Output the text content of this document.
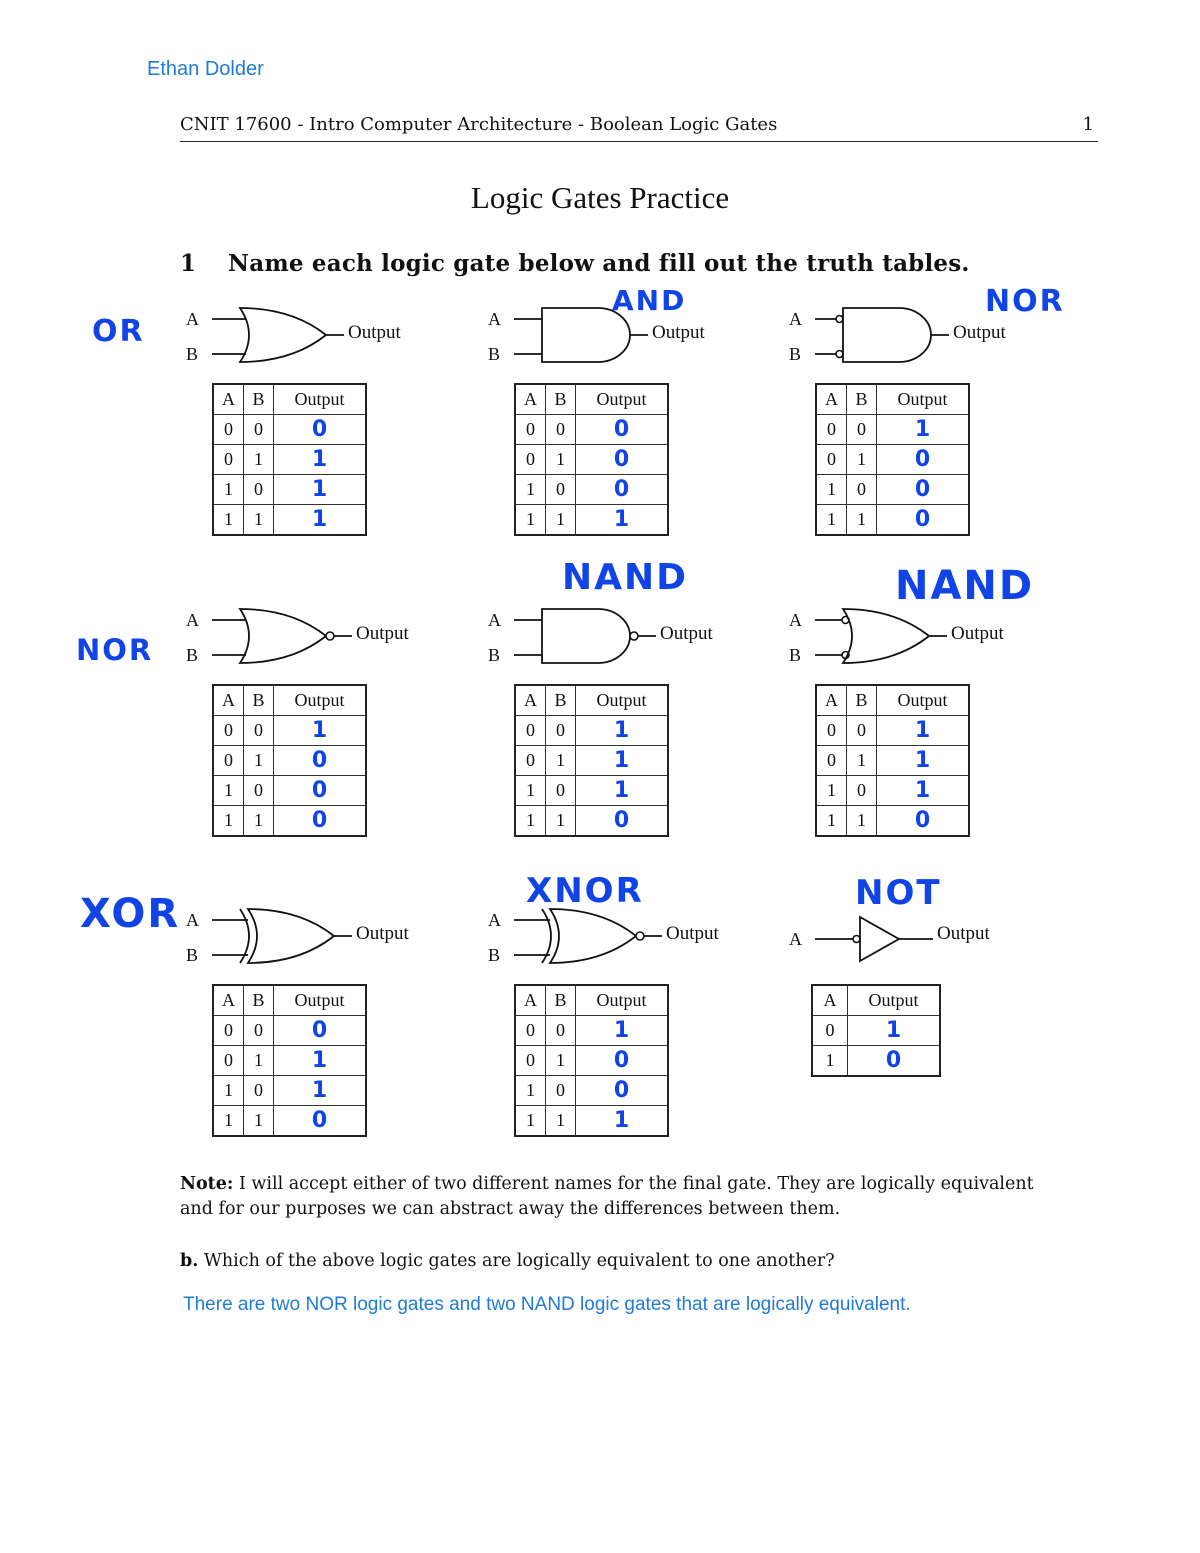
Ethan Dolder
CNIT 17600 - Intro Computer Architecture - Boolean Logic Gates	1
Logic Gates Practice
1 Name each logic gate below and fill out the truth tables.
A
B
Output
OR
A	B	Output
0	0	0
0	1	1
1	0	1
1	1	1
A
B
Output
AND
A	B	Output
0	0	0
0	1	0
1	0	0
1	1	1
A
B
Output
NOR
A	B	Output
0	0	1
0	1	0
1	0	0
1	1	0
A
B
Output
NOR
A	B	Output
0	0	1
0	1	0
1	0	0
1	1	0
A
B
Output
NAND
A	B	Output
0	0	1
0	1	1
1	0	1
1	1	0
A
B
Output
NAND
A	B	Output
0	0	1
0	1	1
1	0	1
1	1	0
A
B
Output
XOR
A	B	Output
0	0	0
0	1	1
1	0	1
1	1	0
A
B
Output
XNOR
A	B	Output
0	0	1
0	1	0
1	0	0
1	1	1
A	Output
NOT
A	Output
0	1
1	0
Note: I will accept either of two different names for the final gate. They are logically equivalent and for our purposes we can abstract away the differences between them.
b. Which of the above logic gates are logically equivalent to one another?
There are two NOR logic gates and two NAND logic gates that are logically equivalent.
